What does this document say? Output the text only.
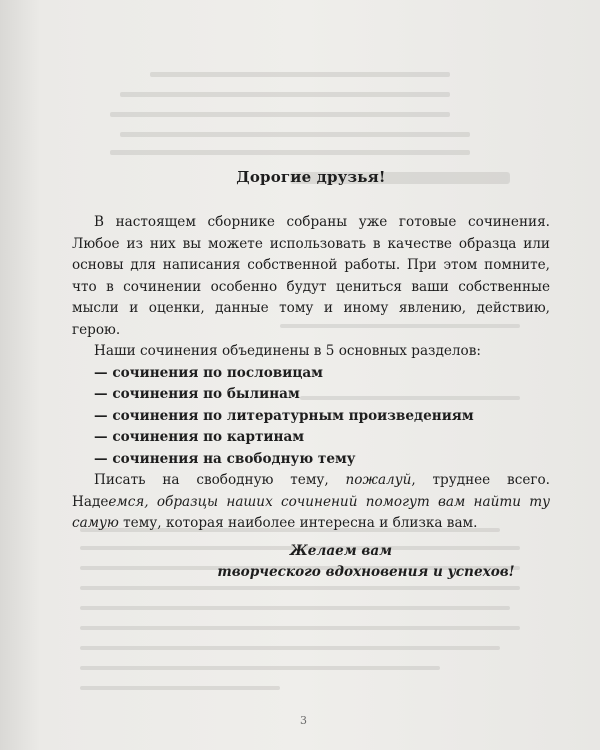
Дорогие друзья!

В настоящем сборнике собраны уже готовые сочинения. Любое из них вы можете использовать в качестве образца или основы для написания собственной работы. При этом помните, что в сочинении особенно будут цениться ваши собственные мысли и оценки, данные тому и иному явлению, действию, герою.

Наши сочинения объединены в 5 основных разделов:

— сочинения по пословицам
— сочинения по былинам
— сочинения по литературным произведениям
— сочинения по картинам
— сочинения на свободную тему

Писать на свободную тему, пожалуй, труднее всего. Надеемся, образцы наших сочинений помогут вам найти ту самую тему, которая наиболее интересна и близка вам.

Желаем вам
творческого вдохновения и успехов!
3
